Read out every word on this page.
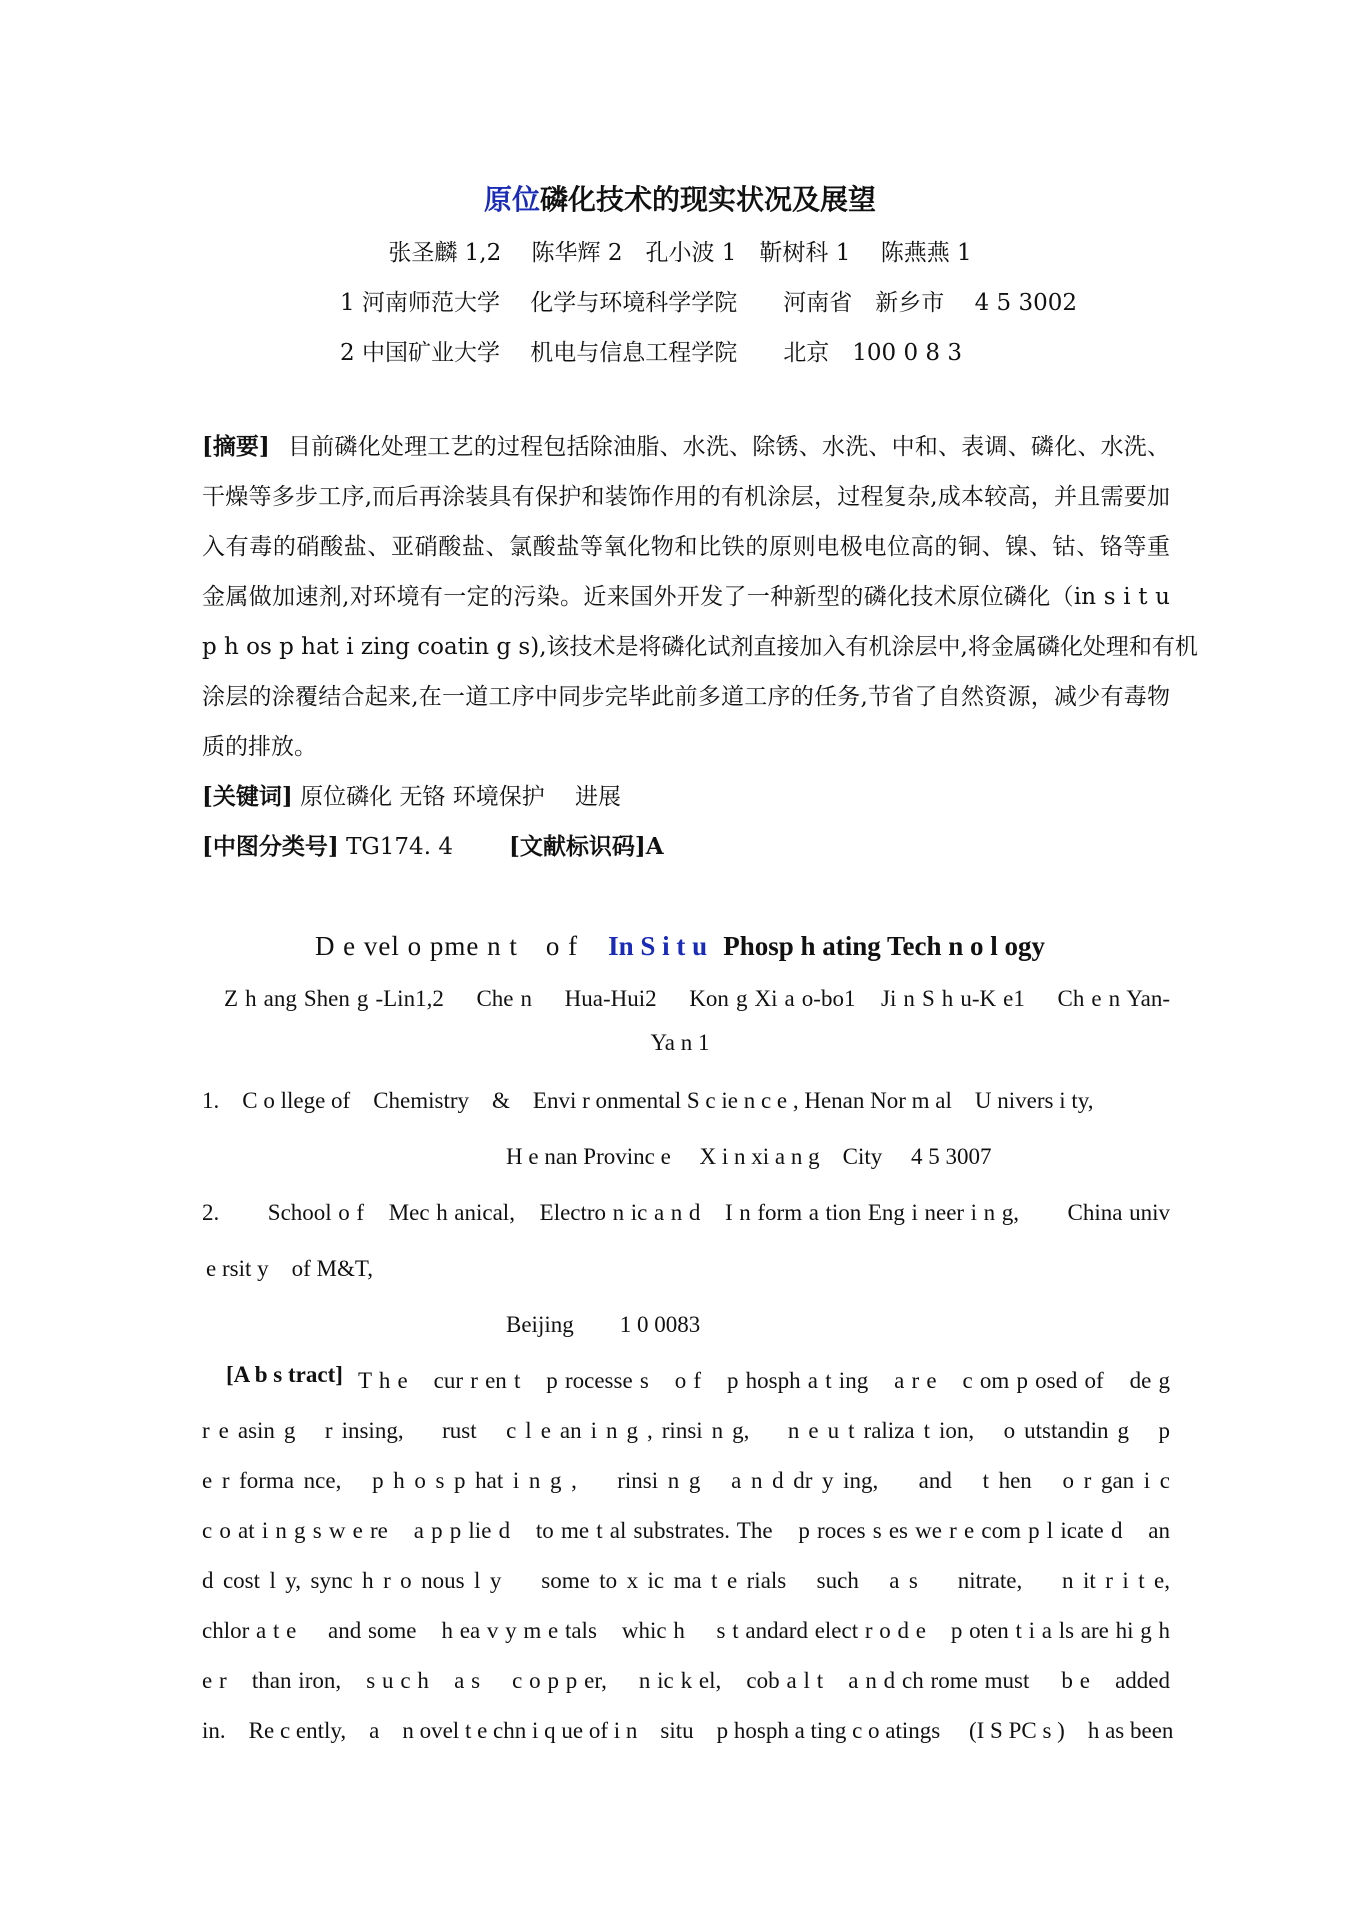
原位磷化技术的现实状况及展望
张圣麟 1,2　 陈华辉 2　孔小波 1　靳树科 1　 陈燕燕 1
1 河南师范大学　 化学与环境科学学院　　河南省　新乡市　 4 5 3002
2 中国矿业大学　 机电与信息工程学院　　北京　100 0 8 3
[摘要] 目前磷化处理工艺的过程包括除油脂、水洗、除锈、水洗、中和、表调、磷化、水洗、
干燥等多步工序,而后再涂装具有保护和装饰作用的有机涂层，过程复杂,成本较高，并且需要加
入有毒的硝酸盐、亚硝酸盐、氯酸盐等氧化物和比铁的原则电极电位高的铜、镍、钴、铬等重
金属做加速剂,对环境有一定的污染。近来国外开发了一种新型的磷化技术原位磷化（in s i t u
p h os p hat i zing coatin g s),该技术是将磷化试剂直接加入有机涂层中,将金属磷化处理和有机
涂层的涂覆结合起来,在一道工序中同步完毕此前多道工序的任务,节省了自然资源，减少有毒物
质的排放。
[关键词] 原位磷化 无铬 环境保护　 进展
[中图分类号] TG174. 4 [文献标识码]A
D e vel o pme n t　o f In S i t u Phosp h ating Tech n o l ogy
Z h ang Shen g -Lin1,2　 Che n　 Hua-Hui2　 Kon g Xi a o-bo1　Ji n S h u-K e1　 Ch e n Yan-
Ya n 1
1.　C o llege of　Chemistry　&　Envi r onmental S c ie n c e , Henan Nor m al　U nivers i ty,
H e nan Provinc e　 X i n xi a n g　City　 4 5 3007
2.　　School o f　Mec h anical,　Electro n ic a n d　I n form a tion Eng i neer i n g,　　China univ
e rsit y　of M&T,
Beijing　　1 0 0083
[A b s tract] T h e　cur r en t　p rocesse s　o f　p hosph a t ing　a r e　c om p osed of　de g
r e asin g　r insing,　 rust　c l e an i n g , rinsi n g,　 n e u t raliza t ion,　o utstandin g　p
e r forma nce,　p h o s p hat i n g ,　 rinsi n g　a n d dr y ing,　 and　t hen　o r gan i c
c o at i n g s w e re　a p p lie d　to me t al substrates. The　p roces s es we r e com p l icate d　an
d cost l y, sync h r o nous l y　 some to x ic ma t e rials　such　a s　 nitrate,　 n it r i t e,
chlor a t e　 and some　h ea v y m e tals　whic h　 s t andard elect r o d e　p oten t i a ls are hi g h
e r　than iron,　s u c h　a s　 c o p p er,　 n ic k el,　cob a l t　a n d ch rome must　 b e　added
in.　Re c ently,　a　n ovel t e chn i q ue of i n　situ　p hosph a ting c o atings　 (I S PC s )　h as been
